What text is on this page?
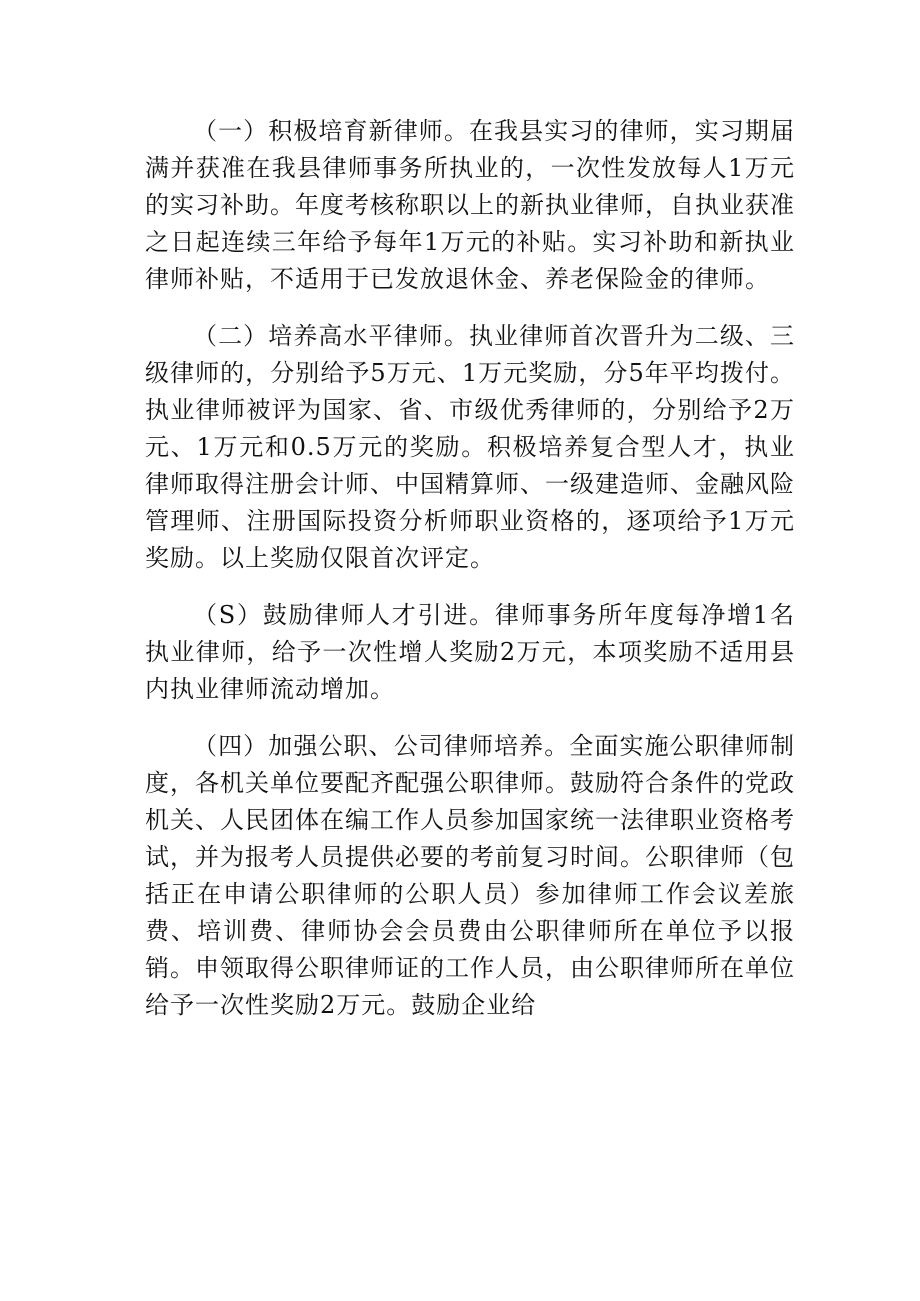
（一）积极培育新律师。在我县实习的律师，实习期届满并获准在我县律师事务所执业的，一次性发放每人1万元的实习补助。年度考核称职以上的新执业律师，自执业获准之日起连续三年给予每年1万元的补贴。实习补助和新执业律师补贴，不适用于已发放退休金、养老保险金的律师。

（二）培养高水平律师。执业律师首次晋升为二级、三级律师的，分别给予5万元、1万元奖励，分5年平均拨付。执业律师被评为国家、省、市级优秀律师的，分别给予2万元、1万元和0.5万元的奖励。积极培养复合型人才，执业律师取得注册会计师、中国精算师、一级建造师、金融风险管理师、注册国际投资分析师职业资格的，逐项给予1万元奖励。以上奖励仅限首次评定。

（S）鼓励律师人才引进。律师事务所年度每净增1名执业律师，给予一次性增人奖励2万元，本项奖励不适用县内执业律师流动增加。

（四）加强公职、公司律师培养。全面实施公职律师制度，各机关单位要配齐配强公职律师。鼓励符合条件的党政机关、人民团体在编工作人员参加国家统一法律职业资格考试，并为报考人员提供必要的考前复习时间。公职律师（包括正在申请公职律师的公职人员）参加律师工作会议差旅费、培训费、律师协会会员费由公职律师所在单位予以报销。申领取得公职律师证的工作人员，由公职律师所在单位给予一次性奖励2万元。鼓励企业给
